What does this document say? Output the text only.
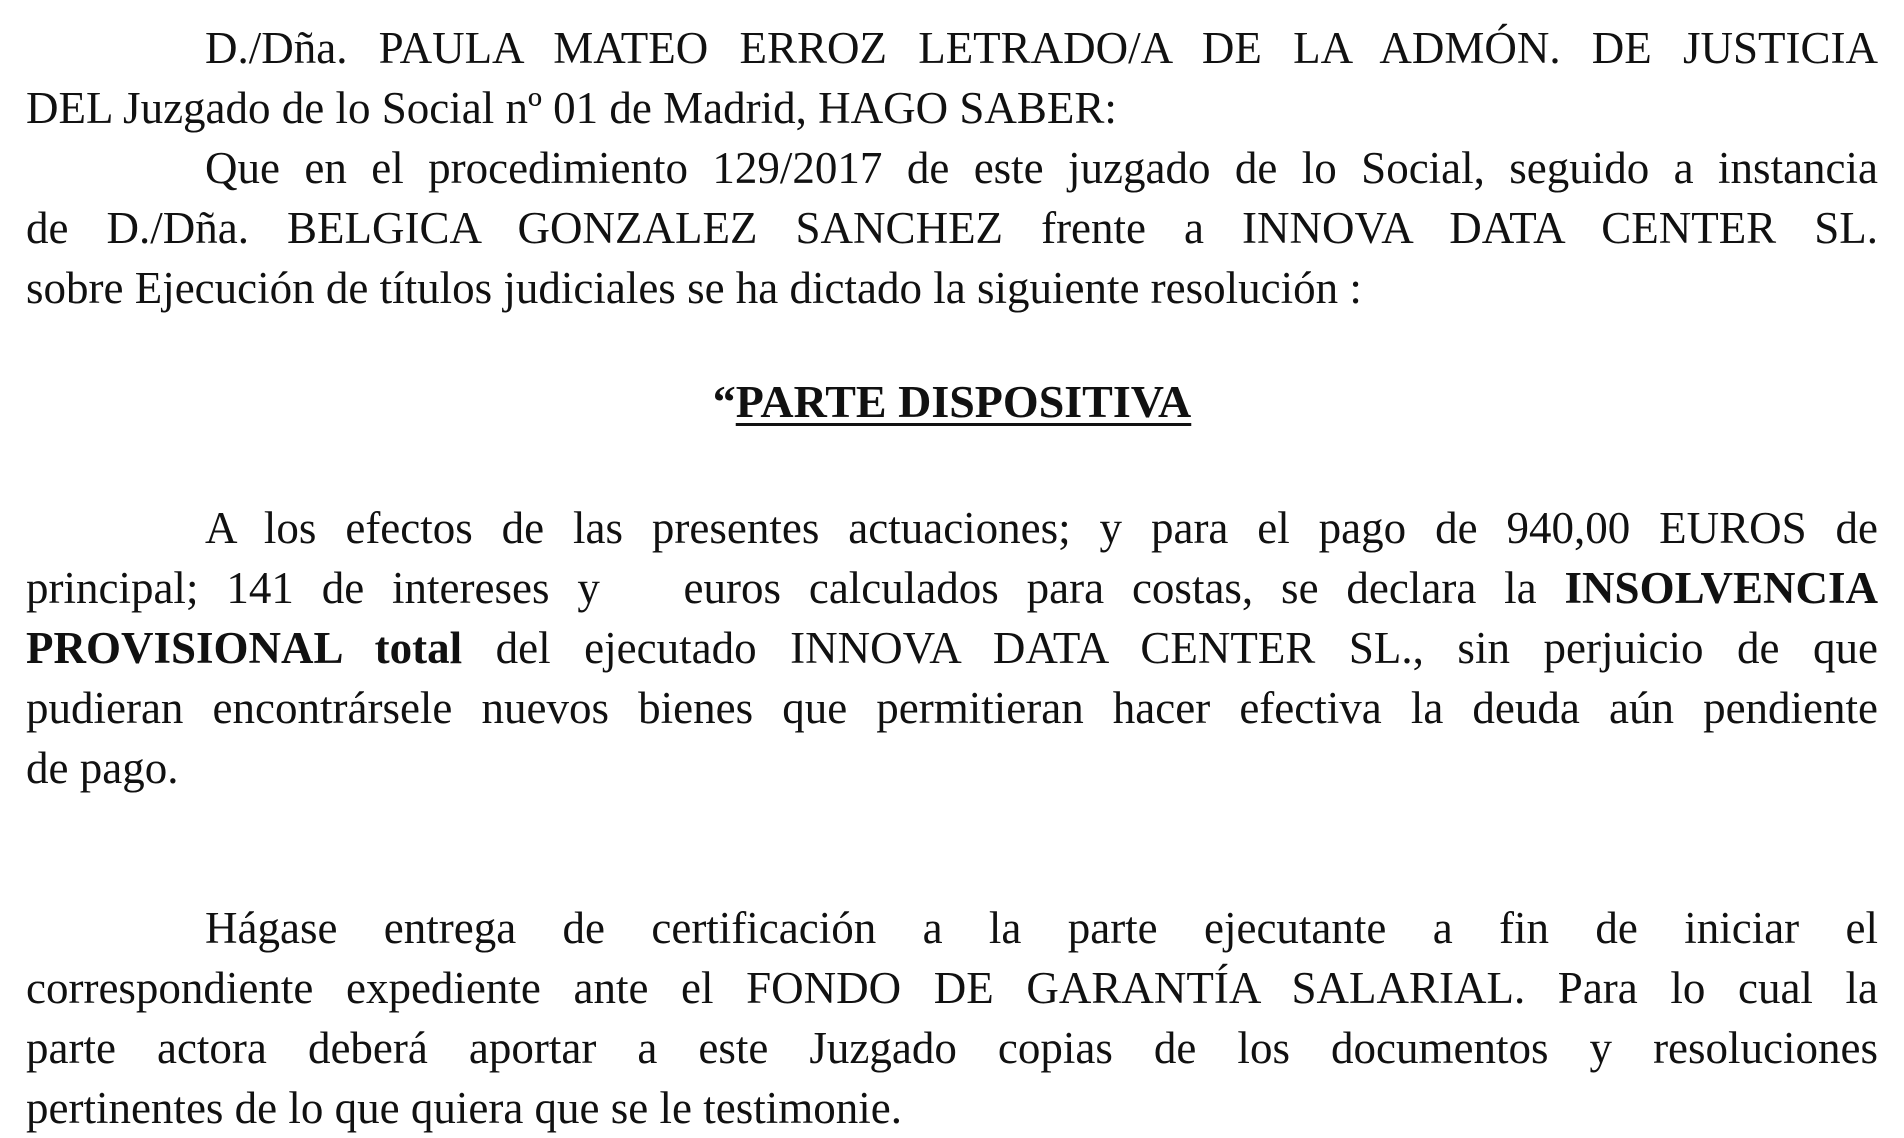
D./Dña. PAULA MATEO ERROZ LETRADO/A DE LA ADMÓN. DE JUSTICIA
DEL Juzgado de lo Social nº 01 de Madrid, HAGO SABER:
Que en el procedimiento 129/2017 de este juzgado de lo Social, seguido a instancia
de D./Dña. BELGICA GONZALEZ SANCHEZ frente a INNOVA DATA CENTER SL.
sobre Ejecución de títulos judiciales se ha dictado la siguiente resolución :
“PARTE DISPOSITIVA
A los efectos de las presentes actuaciones; y para el pago de 940,00 EUROS de
principal; 141 de intereses y   euros calculados para costas, se declara la INSOLVENCIA
PROVISIONAL total del ejecutado INNOVA DATA CENTER SL., sin perjuicio de que
pudieran encontrársele nuevos bienes que permitieran hacer efectiva la deuda aún pendiente
de pago.
Hágase entrega de certificación a la parte ejecutante a fin de iniciar el
correspondiente expediente ante el FONDO DE GARANTÍA SALARIAL. Para lo cual la
parte actora deberá aportar a este Juzgado copias de los documentos y resoluciones
pertinentes de lo que quiera que se le testimonie.
